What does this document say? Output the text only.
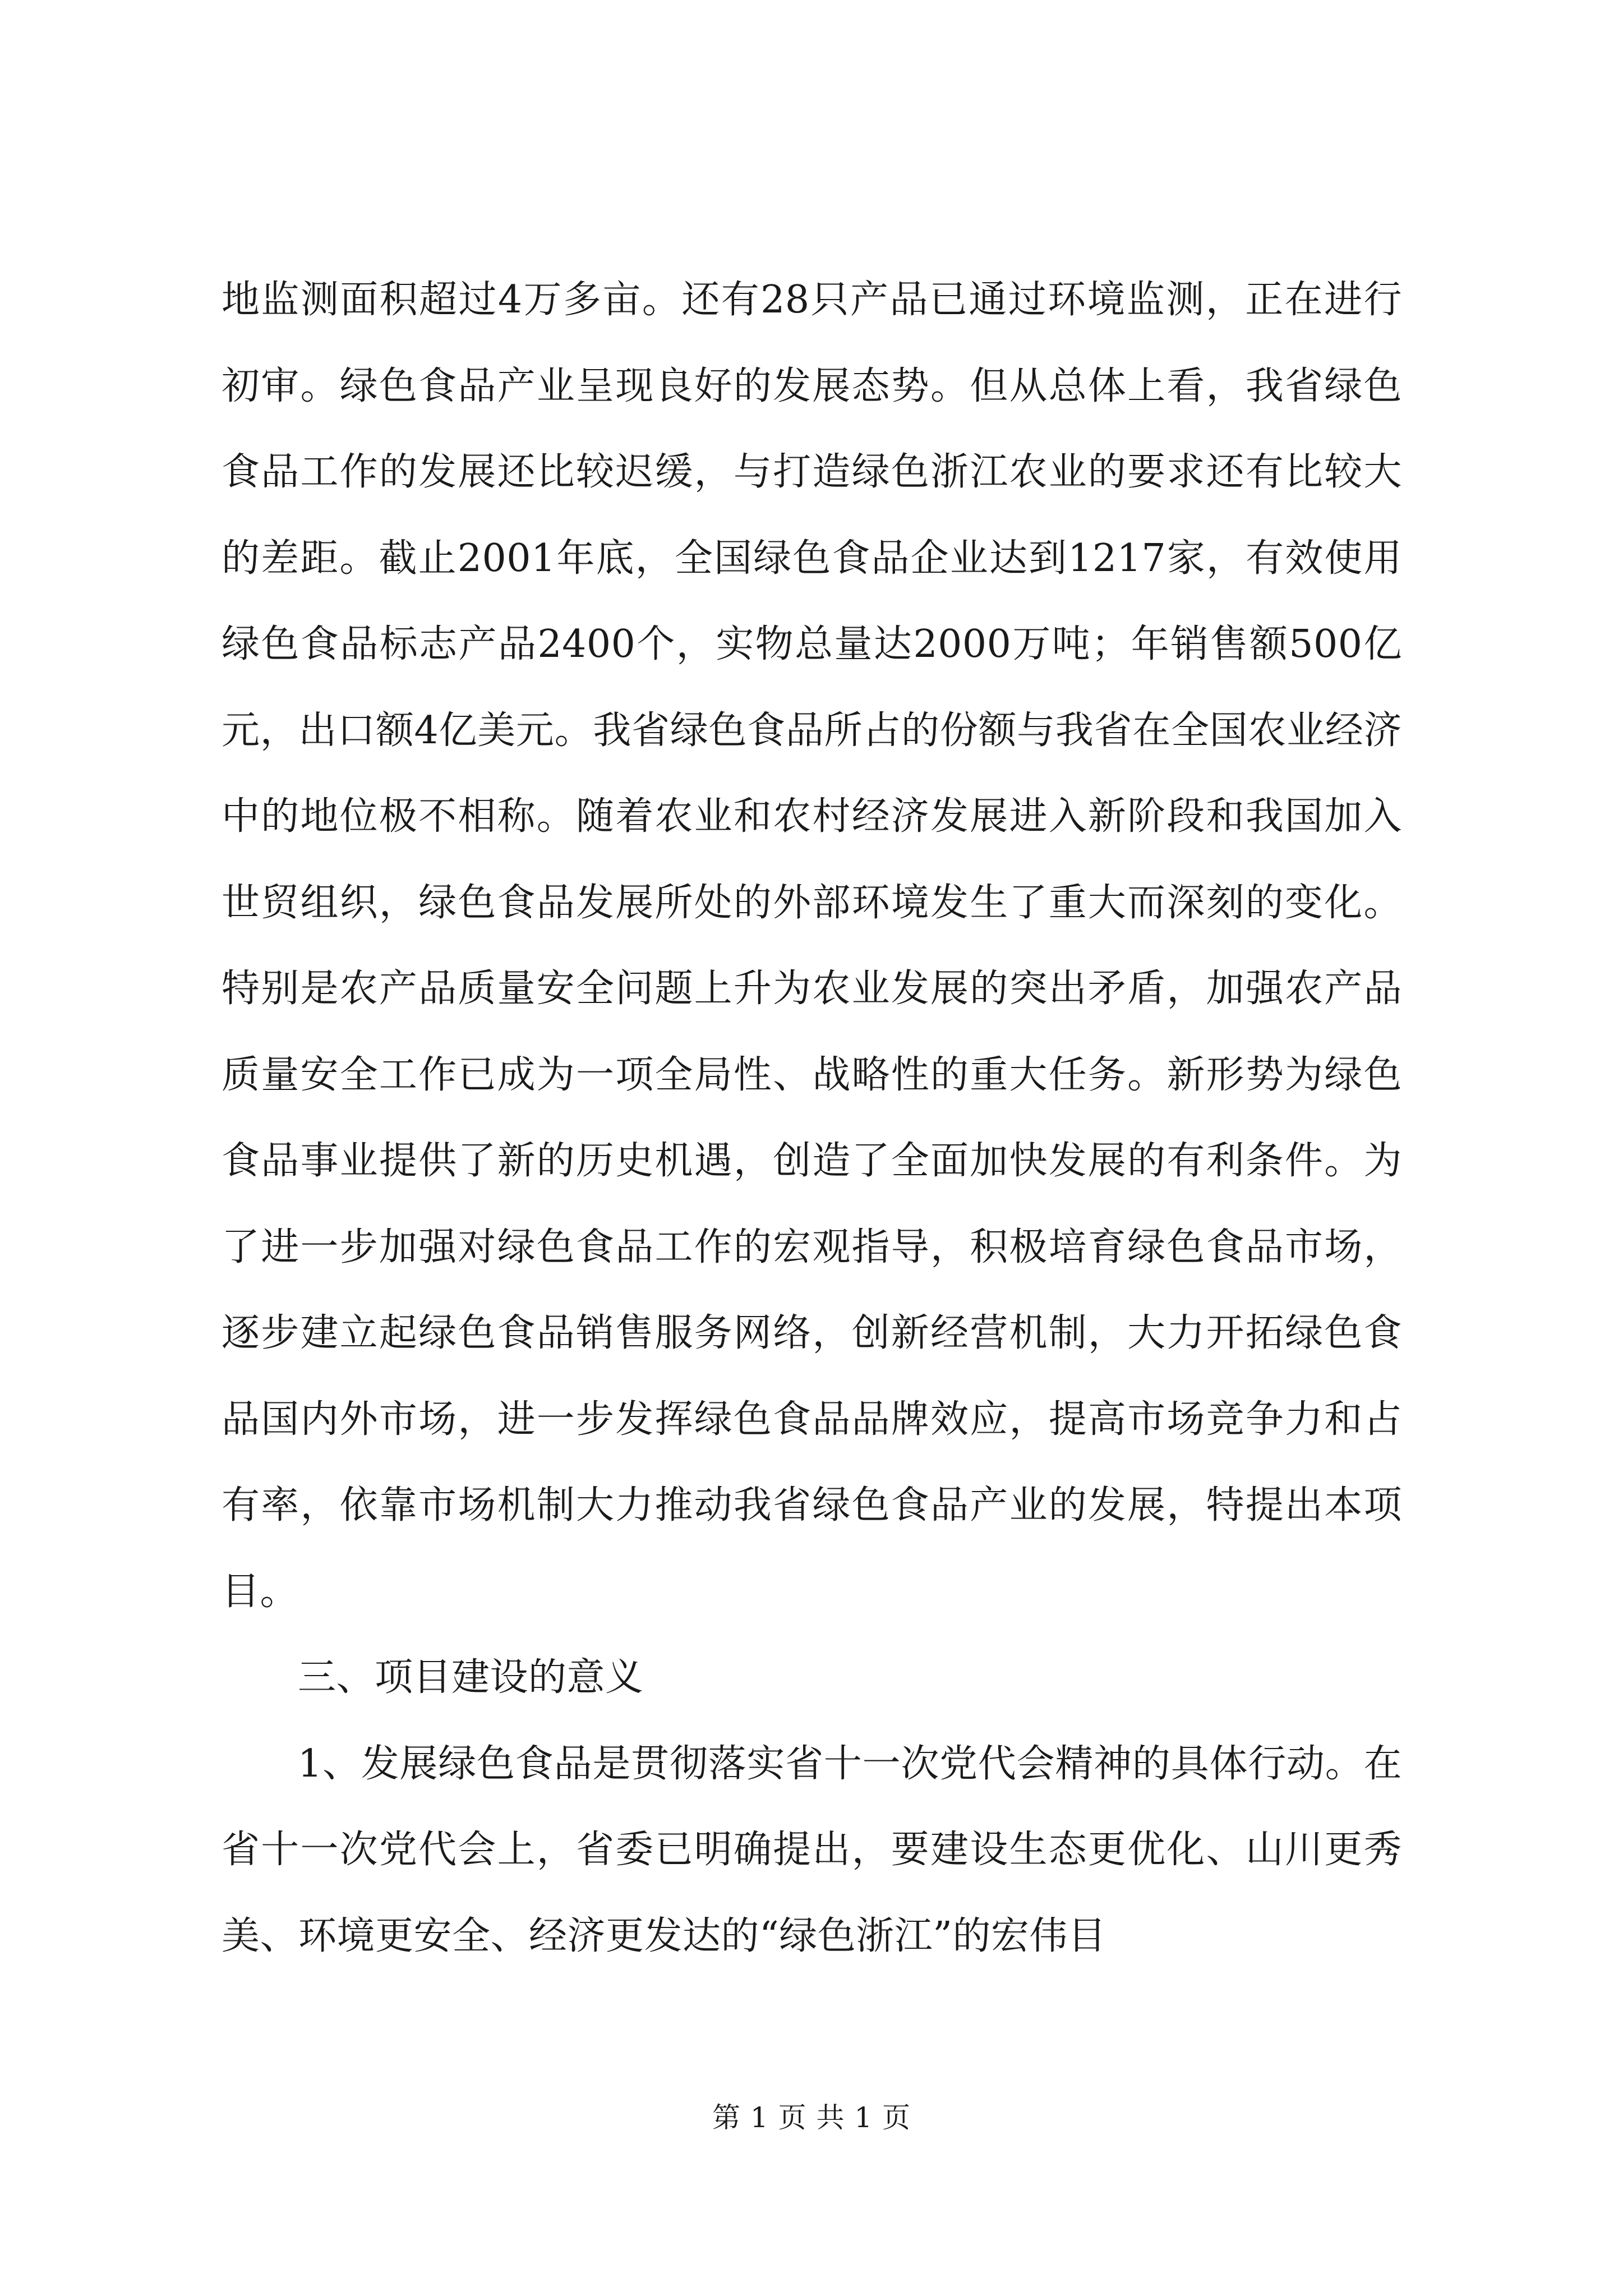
地监测面积超过4万多亩。还有28只产品已通过环境监测，正在进行初审。绿色食品产业呈现良好的发展态势。但从总体上看，我省绿色食品工作的发展还比较迟缓，与打造绿色浙江农业的要求还有比较大的差距。截止2001年底，全国绿色食品企业达到1217家，有效使用绿色食品标志产品2400个，实物总量达2000万吨；年销售额500亿元，出口额4亿美元。我省绿色食品所占的份额与我省在全国农业经济中的地位极不相称。随着农业和农村经济发展进入新阶段和我国加入世贸组织，绿色食品发展所处的外部环境发生了重大而深刻的变化。特别是农产品质量安全问题上升为农业发展的突出矛盾，加强农产品质量安全工作已成为一项全局性、战略性的重大任务。新形势为绿色食品事业提供了新的历史机遇，创造了全面加快发展的有利条件。为了进一步加强对绿色食品工作的宏观指导，积极培育绿色食品市场，逐步建立起绿色食品销售服务网络，创新经营机制，大力开拓绿色食品国内外市场，进一步发挥绿色食品品牌效应，提高市场竞争力和占有率，依靠市场机制大力推动我省绿色食品产业的发展，特提出本项目。

三、项目建设的意义

1、发展绿色食品是贯彻落实省十一次党代会精神的具体行动。在省十一次党代会上，省委已明确提出，要建设生态更优化、山川更秀美、环境更安全、经济更发达的“绿色浙江”的宏伟目

第 1 页 共 1 页
